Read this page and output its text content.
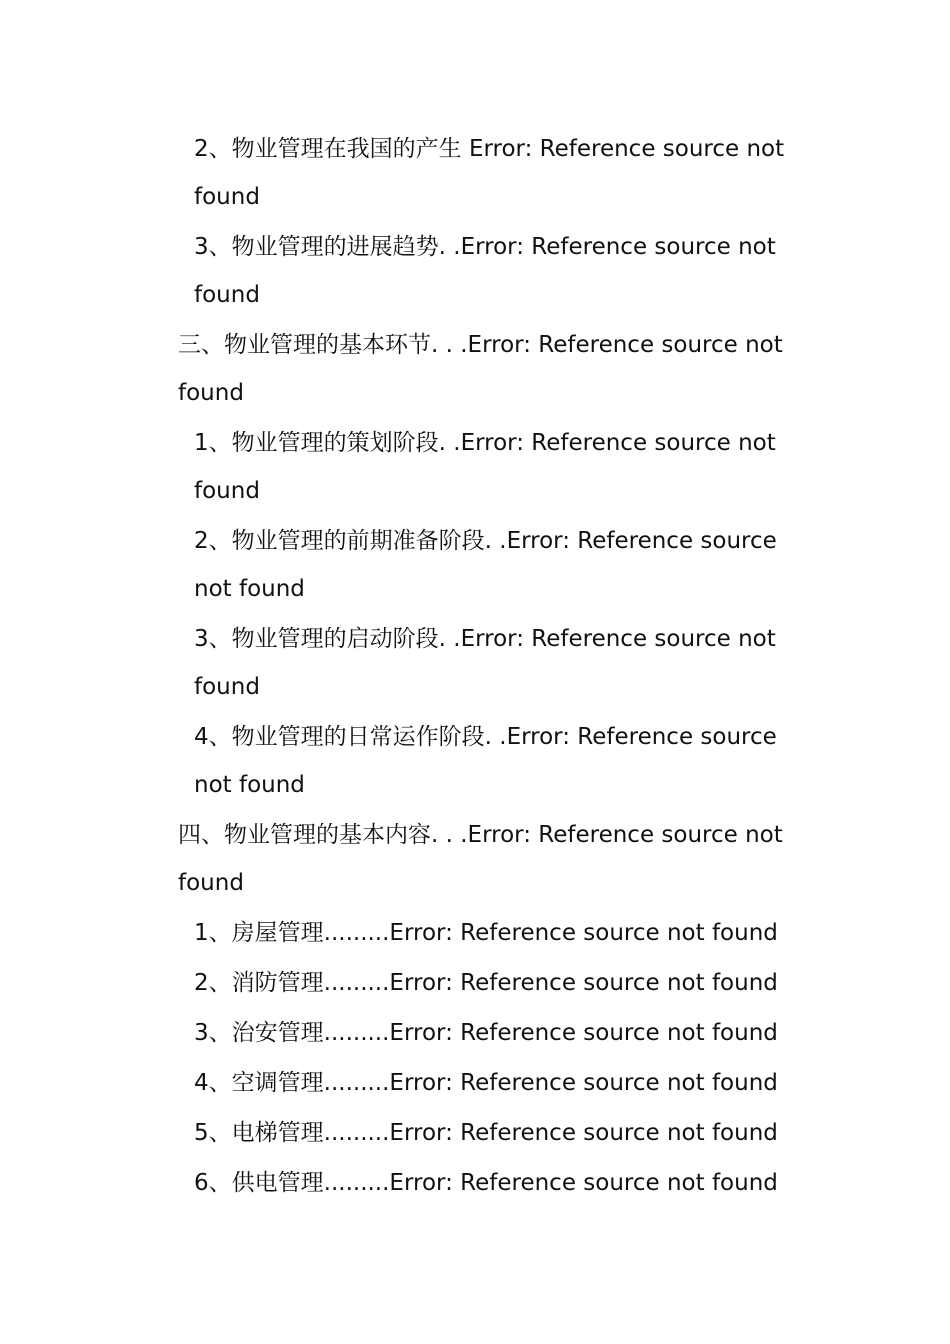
2、物业管理在我国的产生 Error: Reference source not found
3、物业管理的进展趋势. .Error: Reference source not found
三、物业管理的基本环节. . .Error: Reference source not found
1、物业管理的策划阶段. .Error: Reference source not found
2、物业管理的前期准备阶段. .Error: Reference source not found
3、物业管理的启动阶段. .Error: Reference source not found
4、物业管理的日常运作阶段. .Error: Reference source not found
四、物业管理的基本内容. . .Error: Reference source not found
1、房屋管理.........Error: Reference source not found
2、消防管理.........Error: Reference source not found
3、治安管理.........Error: Reference source not found
4、空调管理.........Error: Reference source not found
5、电梯管理.........Error: Reference source not found
6、供电管理.........Error: Reference source not found
